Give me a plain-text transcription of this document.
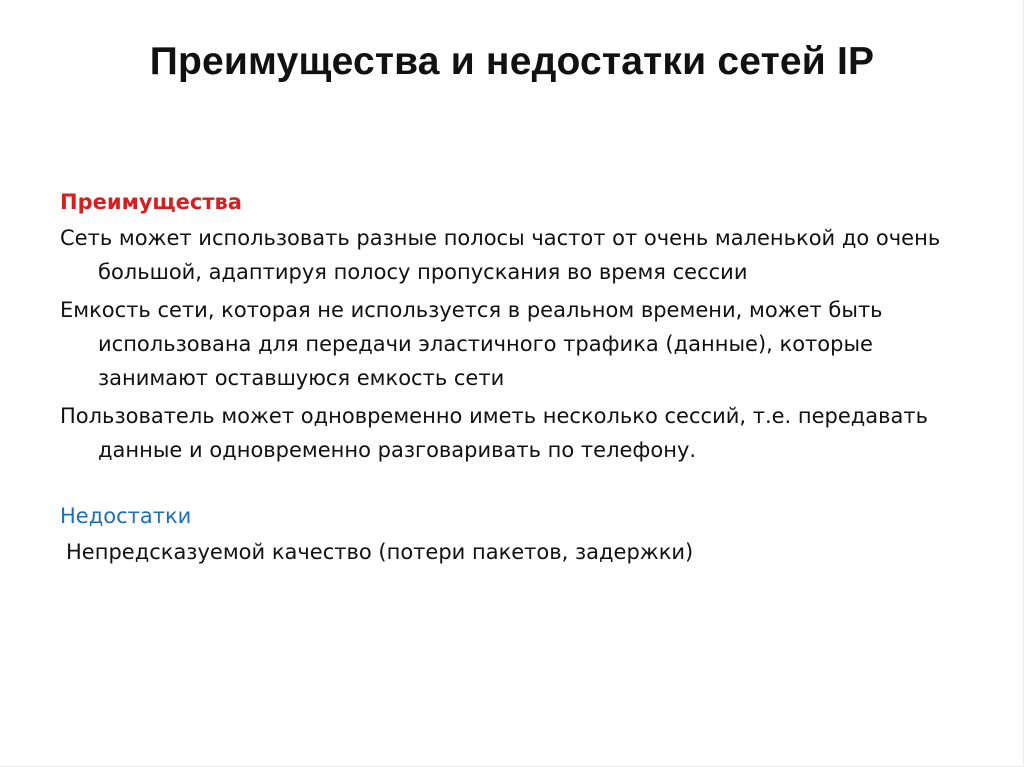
Преимущества и недостатки сетей IP
Преимущества
Сеть может использовать разные полосы частот от очень маленькой до очень большой, адаптируя полосу пропускания во время сессии
Емкость сети, которая не используется в реальном времени, может быть использована для передачи эластичного трафика (данные), которые занимают оставшуюся емкость сети
Пользователь может одновременно иметь несколько сессий, т.е. передавать данные и одновременно разговаривать по телефону.
Недостатки
Непредсказуемой качество (потери пакетов, задержки)
